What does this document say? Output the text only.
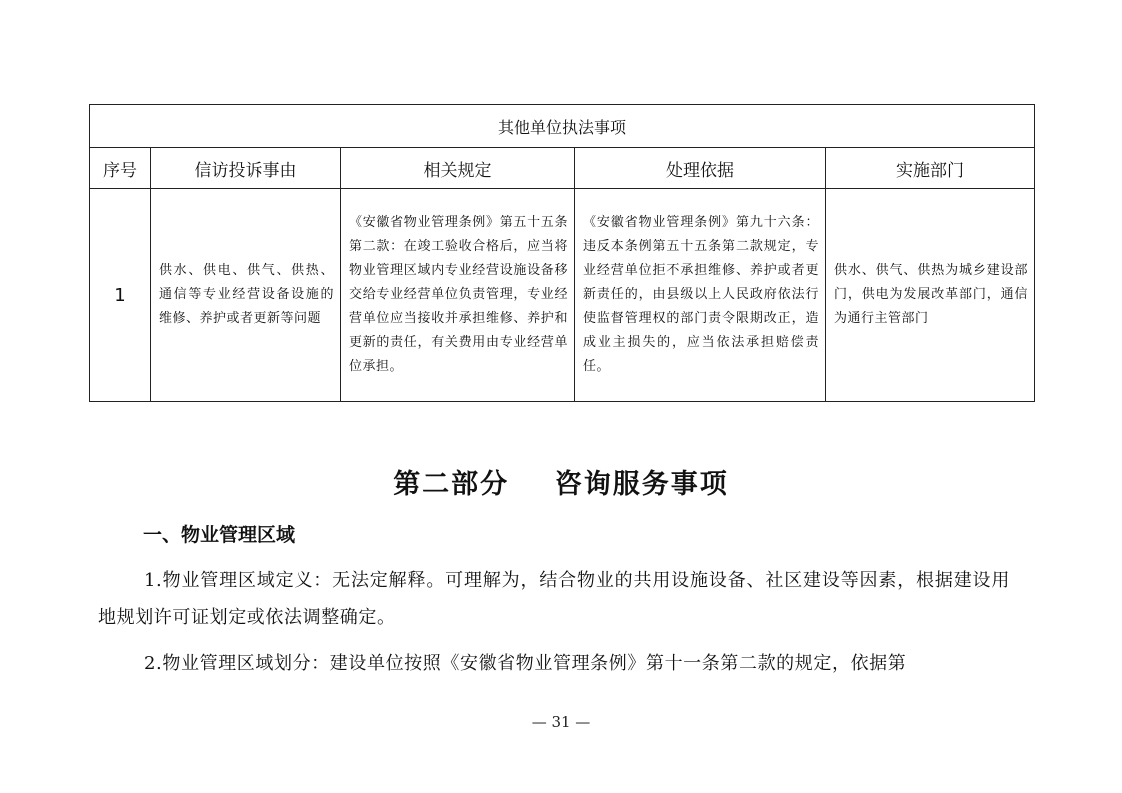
其他单位执法事项				
序号	信访投诉事由	相关规定	处理依据	实施部门
1	供水、供电、供气、供热、通信等专业经营设备设施的维修、养护或者更新等问题	《安徽省物业管理条例》第五十五条第二款：在竣工验收合格后，应当将物业管理区域内专业经营设施设备移交给专业经营单位负责管理，专业经营单位应当接收并承担维修、养护和更新的责任，有关费用由专业经营单位承担。	《安徽省物业管理条例》第九十六条：违反本条例第五十五条第二款规定，专业经营单位拒不承担维修、养护或者更新责任的，由县级以上人民政府依法行使监督管理权的部门责令限期改正，造成业主损失的，应当依法承担赔偿责任。	供水、供气、供热为城乡建设部门，供电为发展改革部门，通信为通行主管部门
第二部分    咨询服务事项
一、物业管理区域
1.物业管理区域定义：无法定解释。可理解为，结合物业的共用设施设备、社区建设等因素，根据建设用地规划许可证划定或依法调整确定。
2.物业管理区域划分：建设单位按照《安徽省物业管理条例》第十一条第二款的规定，依据第
— 31 —
